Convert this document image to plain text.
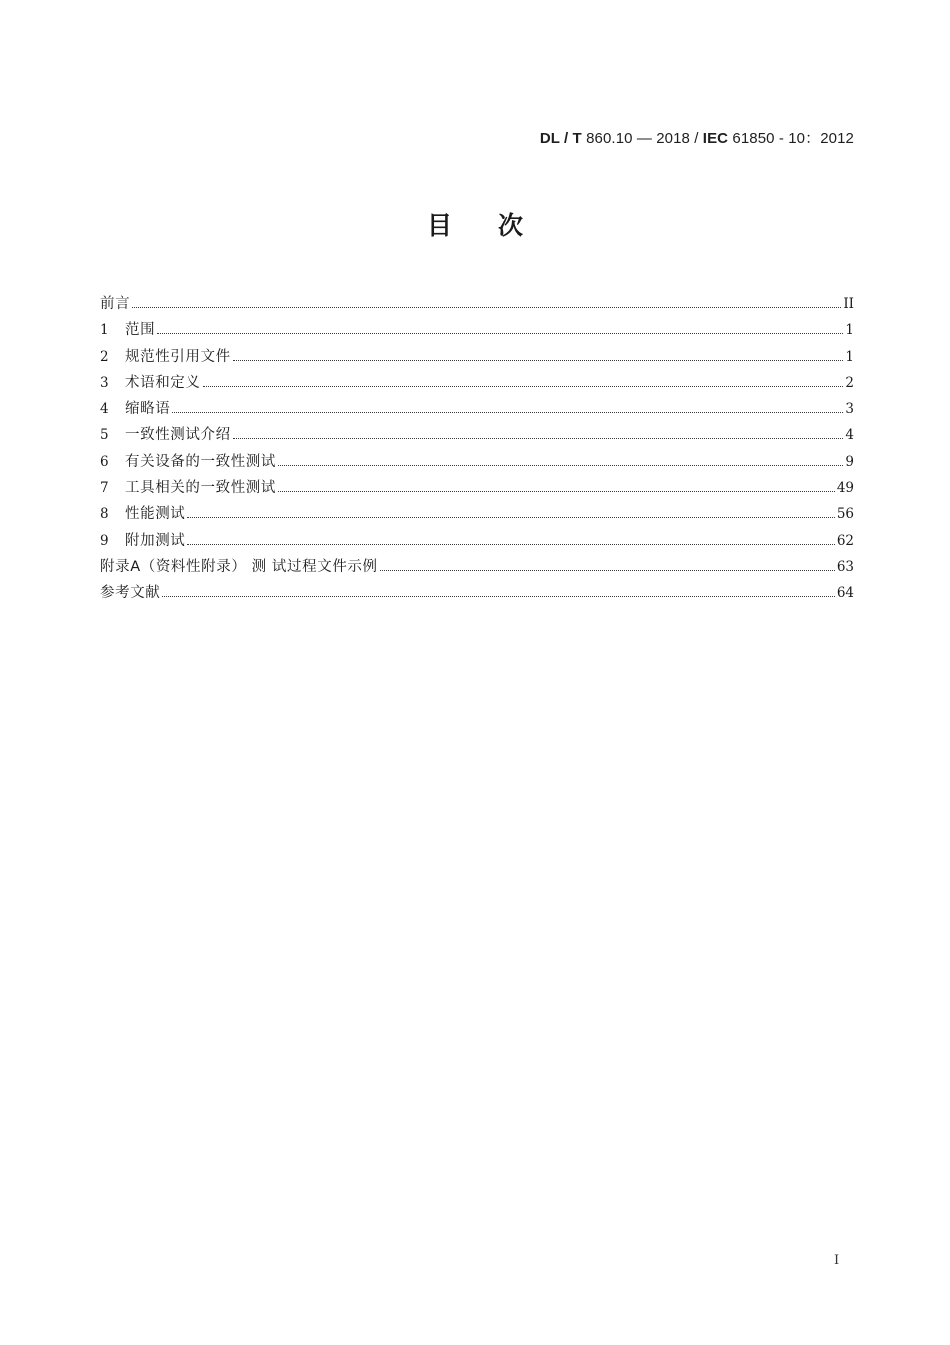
DL / T 860.10 — 2018 / IEC 61850 - 10：2012
目次
前言	II
1	范围	1
2	规范性引用文件	1
3	术语和定义	2
4	缩略语	3
5	一致性测试介绍	4
6	有关设备的一致性测试	9
7	工具相关的一致性测试	49
8	性能测试	56
9	附加测试	62
附录A（资料性附录） 测 试过程文件示例	63
参考文献	64
I
